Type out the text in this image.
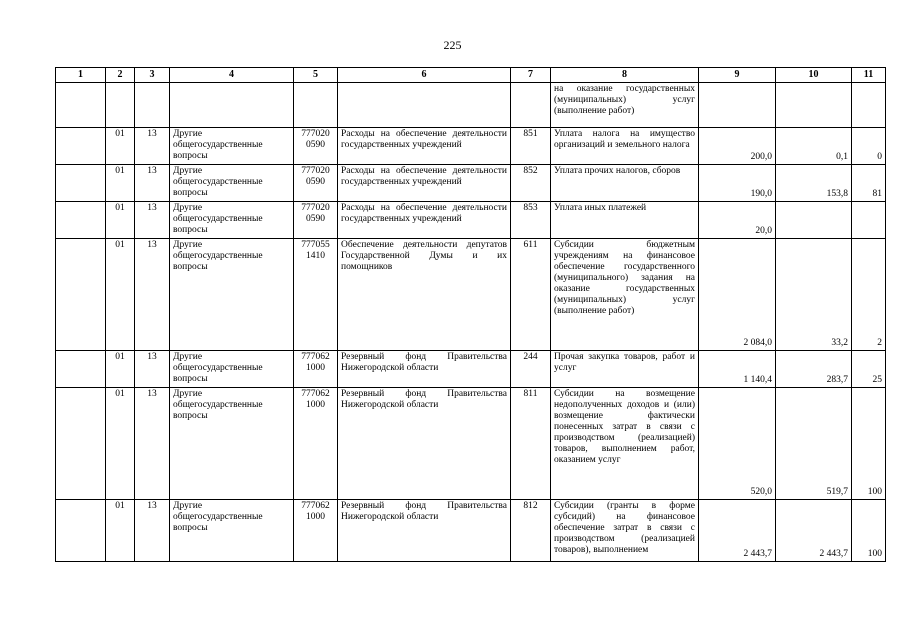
225
1	2	3	4	5	6	7	8	9	10	11
							на оказание государственных (муниципальных) услуг (выполнение работ)			
	01	13	Другие общегосударственные вопросы	777020 0590	Расходы на обеспечение деятельности государственных учреждений	851	Уплата налога на имущество организаций и земельного налога	200,0	0,1	0
	01	13	Другие общегосударственные вопросы	777020 0590	Расходы на обеспечение деятельности государственных учреждений	852	Уплата прочих налогов, сборов	190,0	153,8	81
	01	13	Другие общегосударственные вопросы	777020 0590	Расходы на обеспечение деятельности государственных учреждений	853	Уплата иных платежей	20,0		
	01	13	Другие общегосударственные вопросы	777055 1410	Обеспечение деятельности депутатов Государственной Думы и их помощников	611	Субсидии бюджетным учреждениям на финансовое обеспечение государственного (муниципального) задания на оказание государственных (муниципальных) услуг (выполнение работ)	2 084,0	33,2	2
	01	13	Другие общегосударственные вопросы	777062 1000	Резервный фонд Правительства Нижегородской области	244	Прочая закупка товаров, работ и услуг	1 140,4	283,7	25
	01	13	Другие общегосударственные вопросы	777062 1000	Резервный фонд Правительства Нижегородской области	811	Субсидии на возмещение недополученных доходов и (или) возмещение фактически понесенных затрат в связи с производством (реализацией) товаров, выполнением работ, оказанием услуг	520,0	519,7	100
	01	13	Другие общегосударственные вопросы	777062 1000	Резервный фонд Правительства Нижегородской области	812	Субсидии (гранты в форме субсидий) на финансовое обеспечение затрат в связи с производством (реализацией товаров), выполнением	2 443,7	2 443,7	100
